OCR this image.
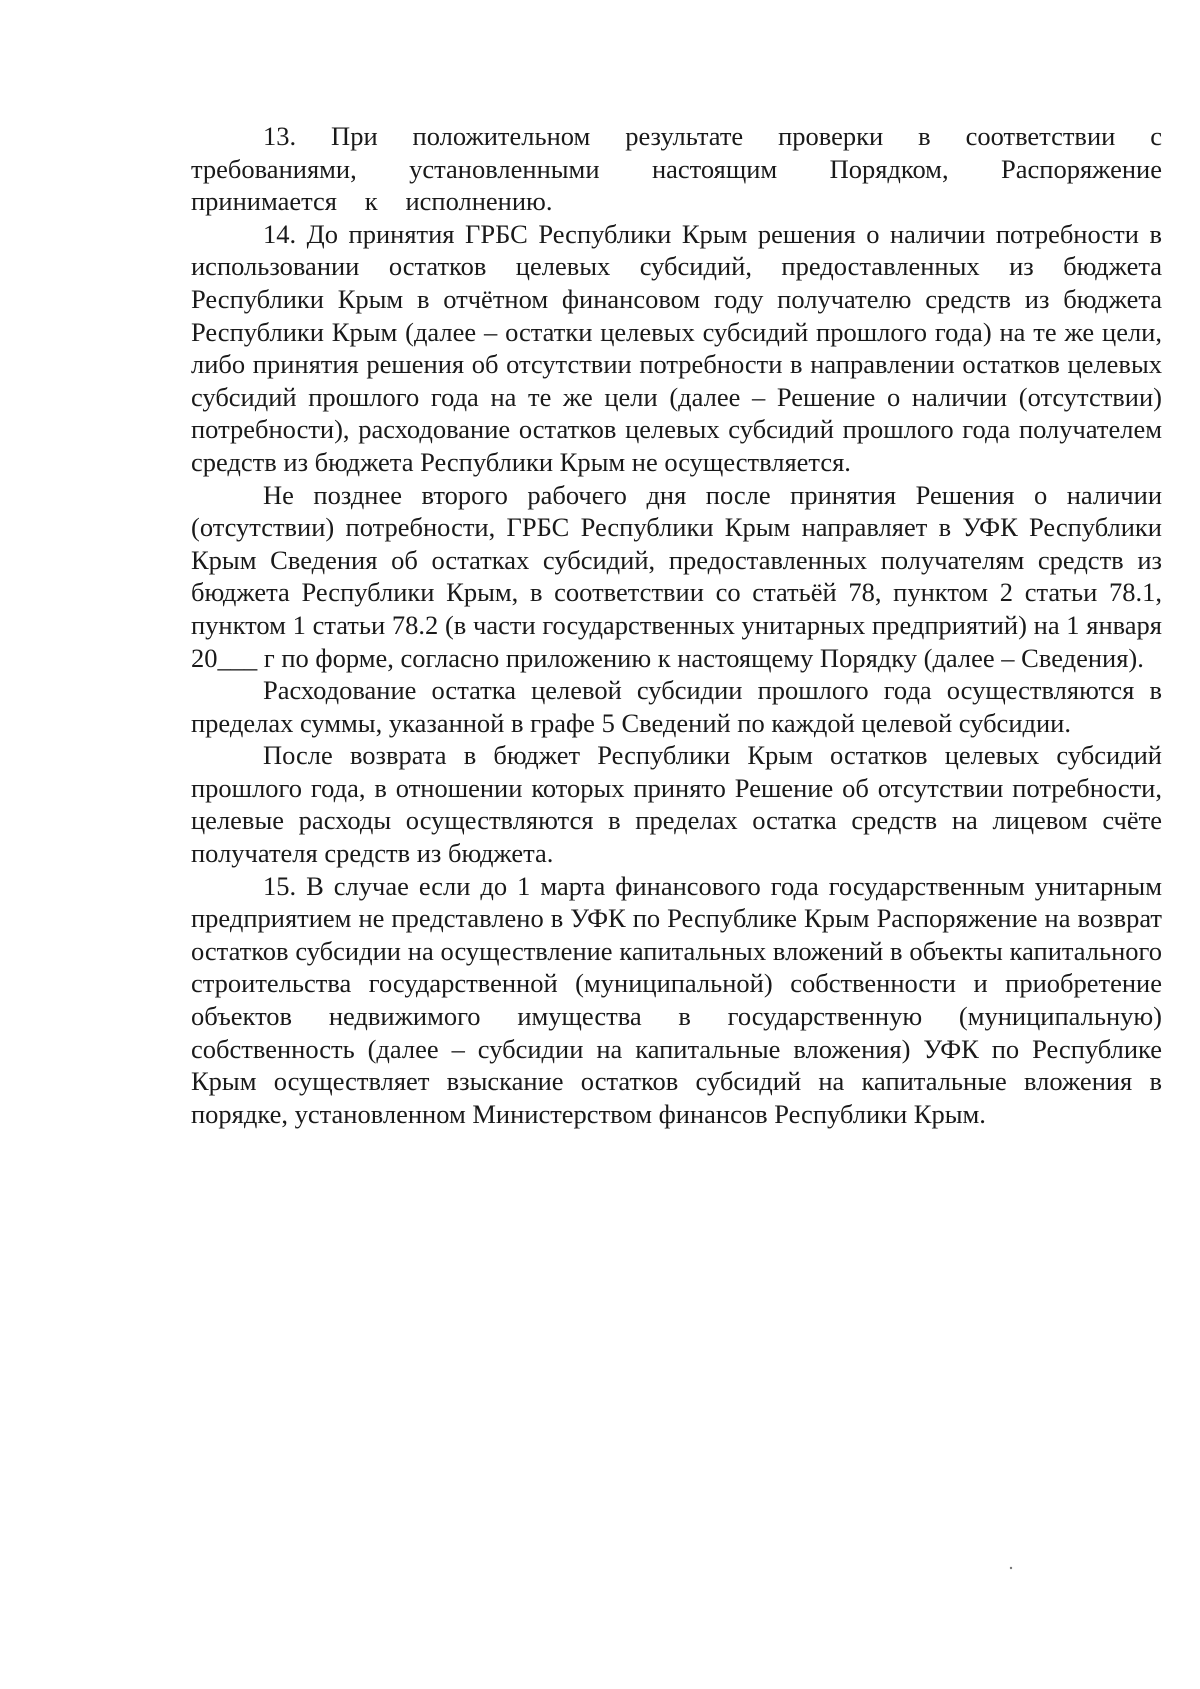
13. При положительном результате проверки в соответствии с требованиями, установленными настоящим Порядком, Распоряжение принимается к исполнению.

14. До принятия ГРБС Республики Крым решения о наличии потребности в использовании остатков целевых субсидий, предоставленных из бюджета Республики Крым в отчётном финансовом году получателю средств из бюджета Республики Крым (далее – остатки целевых субсидий прошлого года) на те же цели, либо принятия решения об отсутствии потребности в направлении остатков целевых субсидий прошлого года на те же цели (далее – Решение о наличии (отсутствии) потребности), расходование остатков целевых субсидий прошлого года получателем средств из бюджета Республики Крым не осуществляется.

Не позднее второго рабочего дня после принятия Решения о наличии (отсутствии) потребности, ГРБС Республики Крым направляет в УФК Республики Крым Сведения об остатках субсидий, предоставленных получателям средств из бюджета Республики Крым, в соответствии со статьёй 78, пунктом 2 статьи 78.1, пунктом 1 статьи 78.2 (в части государственных унитарных предприятий) на 1 января 20___ г по форме, согласно приложению к настоящему Порядку (далее – Сведения).

Расходование остатка целевой субсидии прошлого года осуществляются в пределах суммы, указанной в графе 5 Сведений по каждой целевой субсидии.

После возврата в бюджет Республики Крым остатков целевых субсидий прошлого года, в отношении которых принято Решение об отсутствии потребности, целевые расходы осуществляются в пределах остатка средств на лицевом счёте получателя средств из бюджета.

15. В случае если до 1 марта финансового года государственным унитарным предприятием не представлено в УФК по Республике Крым Распоряжение на возврат остатков субсидии на осуществление капитальных вложений в объекты капитального строительства государственной (муниципальной) собственности и приобретение объектов недвижимого имущества в государственную (муниципальную) собственность (далее – субсидии на капитальные вложения) УФК по Республике Крым осуществляет взыскание остатков субсидий на капитальные вложения в порядке, установленном Министерством финансов Республики Крым.
